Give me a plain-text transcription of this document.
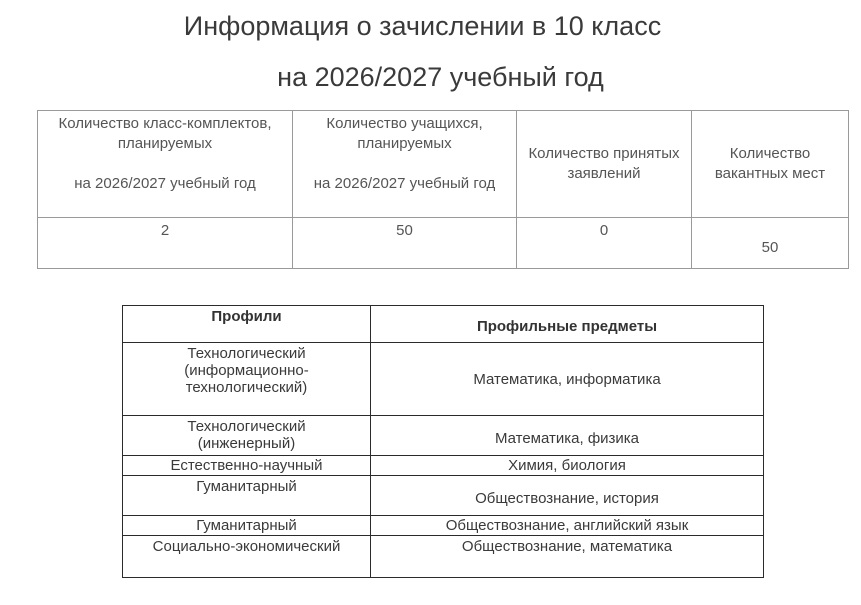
Информация о зачислении в 10 класс
на 2026/2027 учебный год
Количество класс-комплектов,
планируемых
на 2026/2027 учебный год	Количество учащихся,
планируемых
на 2026/2027 учебный год	Количество принятых
заявлений	Количество
вакантных мест
2	50	0	50
Профили	Профильные предметы

Технологический (информационно-технологический)	Математика, информатика

Технологический (инженерный)	Математика, физика
Естественно-научный	Химия, биология
Гуманитарный	Обществознание, история
Гуманитарный	Обществознание, английский язык
Социально-экономический	Обществознание, математика
